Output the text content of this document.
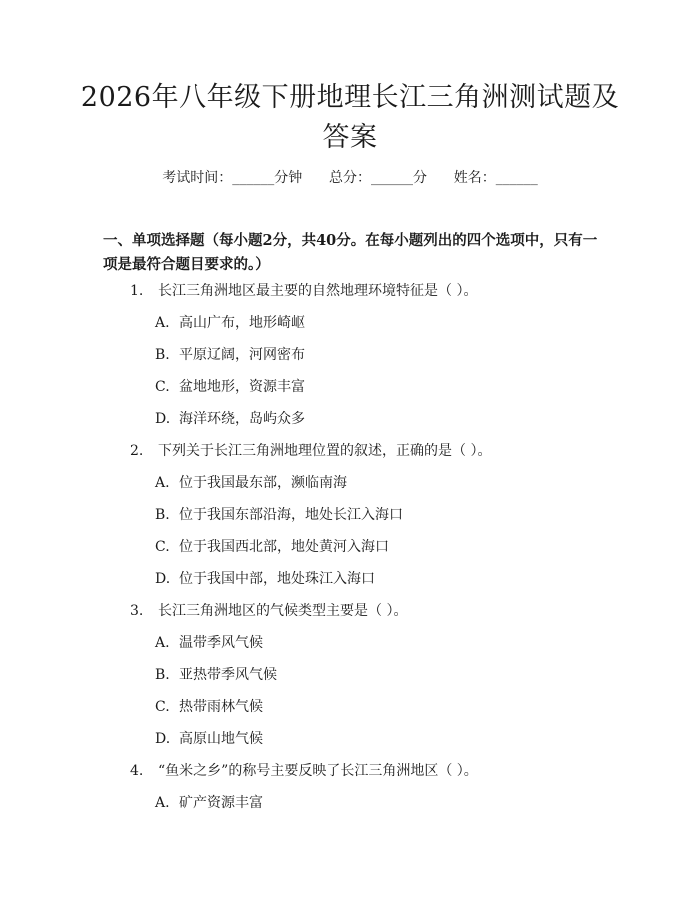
2026年八年级下册地理长江三角洲测试题及答案
考试时间：______分钟      总分：______分      姓名：______

一、单项选择题（每小题2分，共40分。在每小题列出的四个选项中，只有一项是最符合题目要求的。）

1. 长江三角洲地区最主要的自然地理环境特征是（ ）。
A. 高山广布，地形崎岖
B. 平原辽阔，河网密布
C. 盆地地形，资源丰富
D. 海洋环绕，岛屿众多
2. 下列关于长江三角洲地理位置的叙述，正确的是（ ）。
A. 位于我国最东部，濒临南海
B. 位于我国东部沿海，地处长江入海口
C. 位于我国西北部，地处黄河入海口
D. 位于我国中部，地处珠江入海口
3. 长江三角洲地区的气候类型主要是（ ）。
A. 温带季风气候
B. 亚热带季风气候
C. 热带雨林气候
D. 高原山地气候
4. “鱼米之乡”的称号主要反映了长江三角洲地区（ ）。
A. 矿产资源丰富
